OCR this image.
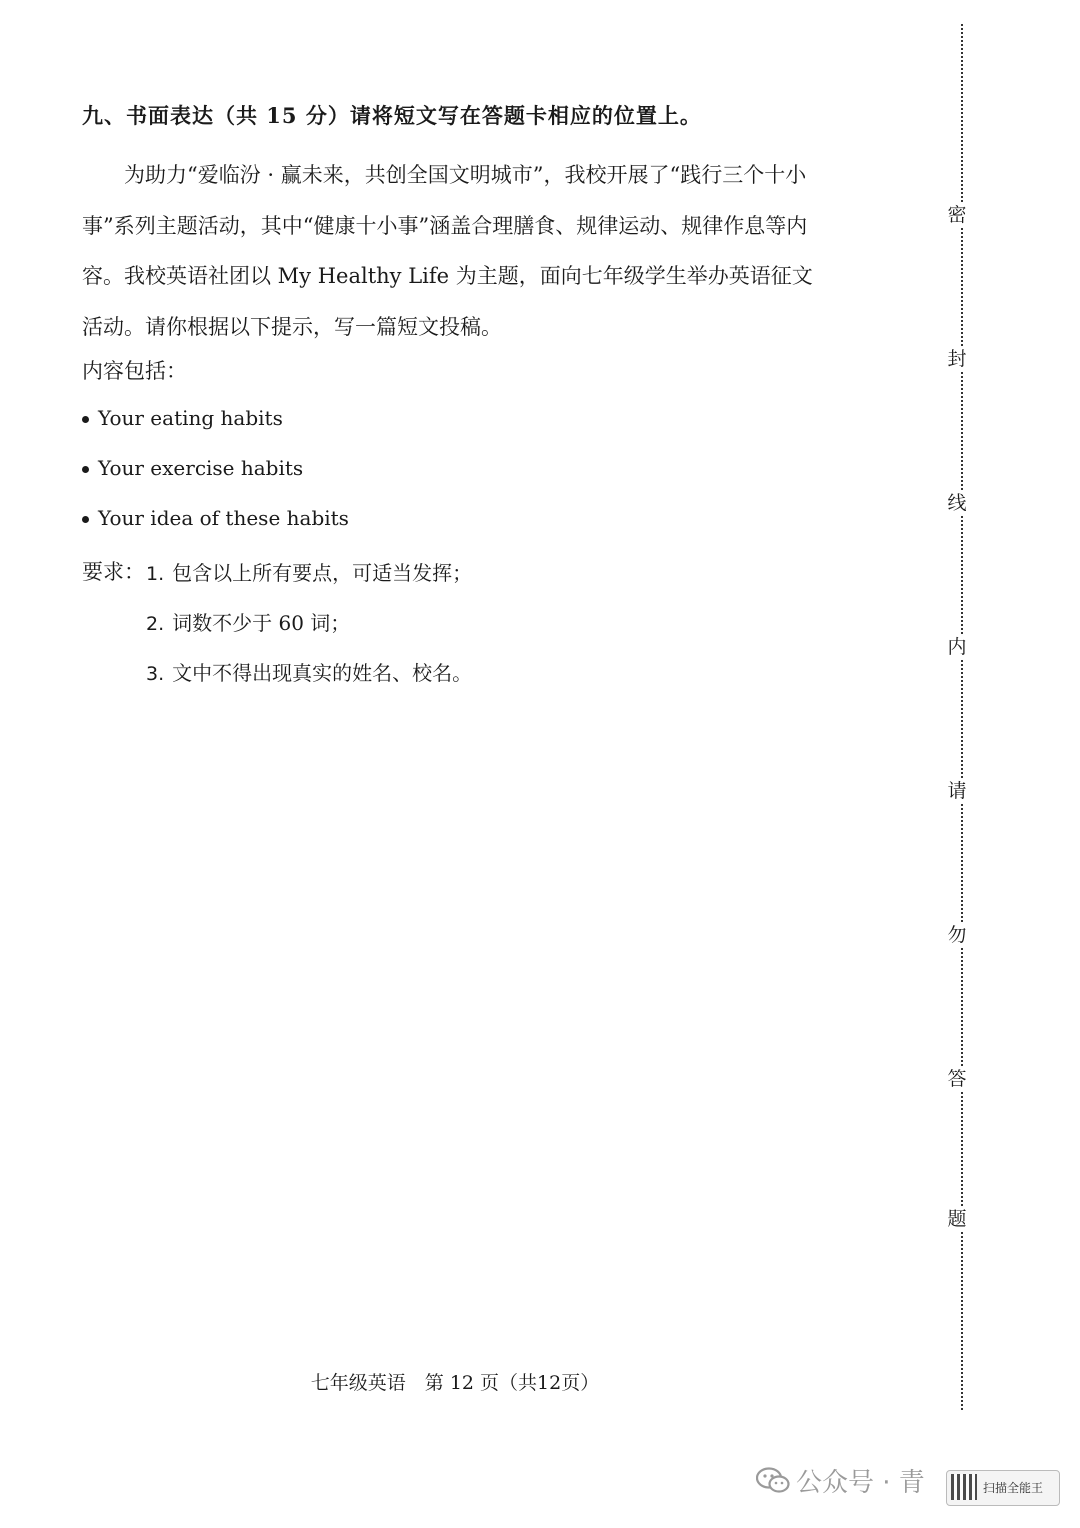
九、书面表达（共 15 分）请将短文写在答题卡相应的位置上。
为助力“爱临汾 · 赢未来，共创全国文明城市”，我校开展了“践行三个十小事”系列主题活动，其中“健康十小事”涵盖合理膳食、规律运动、规律作息等内容。我校英语社团以 My Healthy Life 为主题，面向七年级学生举办英语征文活动。请你根据以下提示，写一篇短文投稿。
内容包括：
Your eating habits
Your exercise habits
Your idea of these habits
要求： 1. 包含以上所有要点，可适当发挥；
2. 词数不少于 60 词；
3. 文中不得出现真实的姓名、校名。
七年级英语　第 12 页（共12页）
密
封
线
内
请
勿
答
题
公众号 · 青	扫描全能王
